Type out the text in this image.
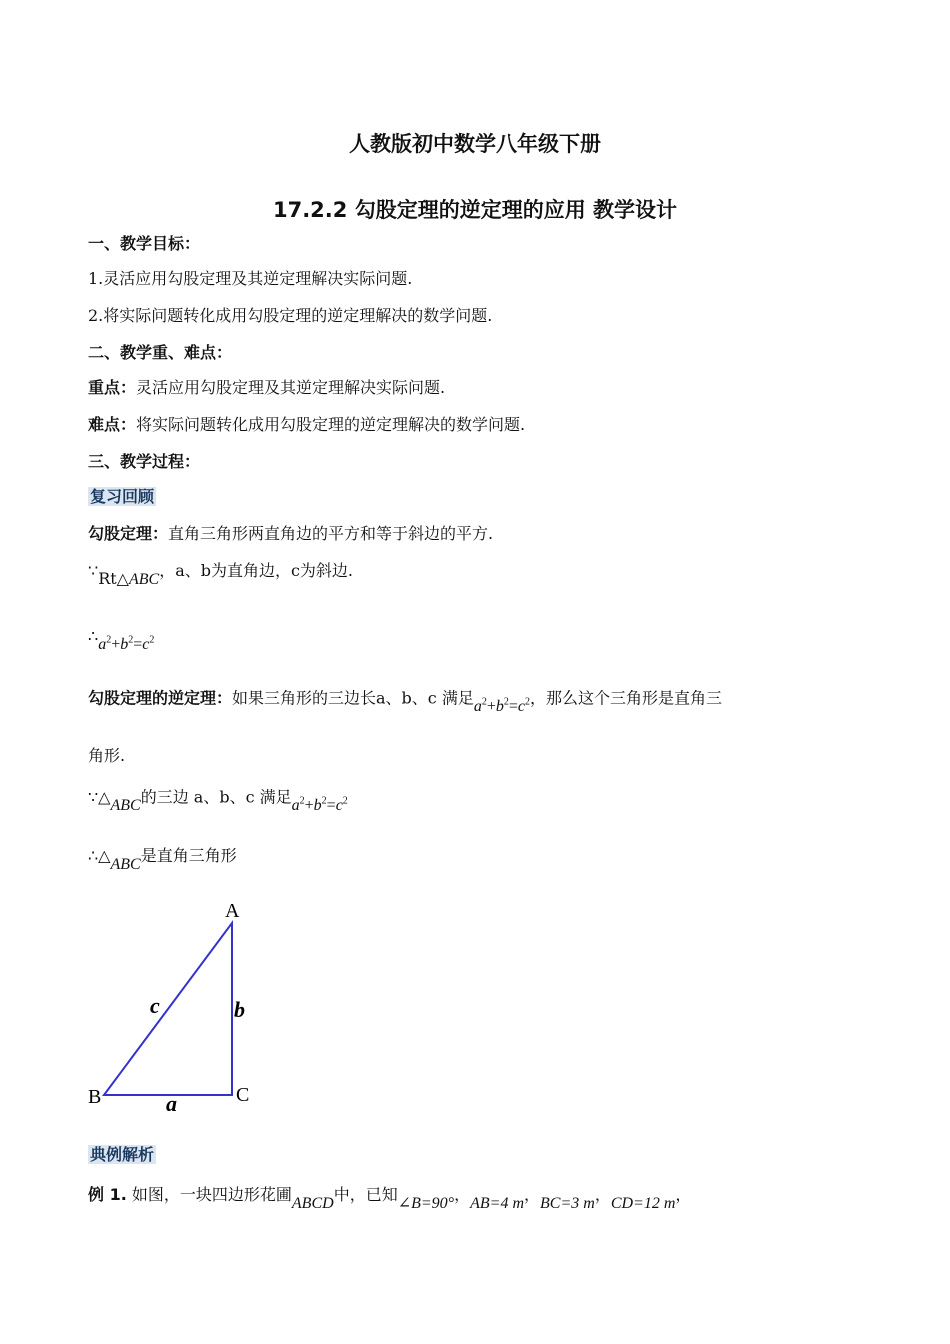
人教版初中数学八年级下册
17.2.2 勾股定理的逆定理的应用 教学设计
一、教学目标：
1.灵活应用勾股定理及其逆定理解决实际问题.
2.将实际问题转化成用勾股定理的逆定理解决的数学问题.
二、教学重、难点：
重点：灵活应用勾股定理及其逆定理解决实际问题.
难点：将实际问题转化成用勾股定理的逆定理解决的数学问题.
三、教学过程：
复习回顾
勾股定理：直角三角形两直角边的平方和等于斜边的平方.
∵Rt△ABC，a、b为直角边，c为斜边.
$\therefore a^2+b^2=c^2$
勾股定理的逆定理：如果三角形的三边长a、b、c 满足$a^2+b^2=c^2$，那么这个三角形是直角三
角形.
∵△ABC的三边 a、b、c 满足$a^2+b^2=c^2$
∴△ABC是直角三角形
A
B	C
c	b
a
典例解析
例 1. 如图，一块四边形花圃ABCD中，已知∠B=90°，AB=4 m，BC=3 m，CD=12 m，
